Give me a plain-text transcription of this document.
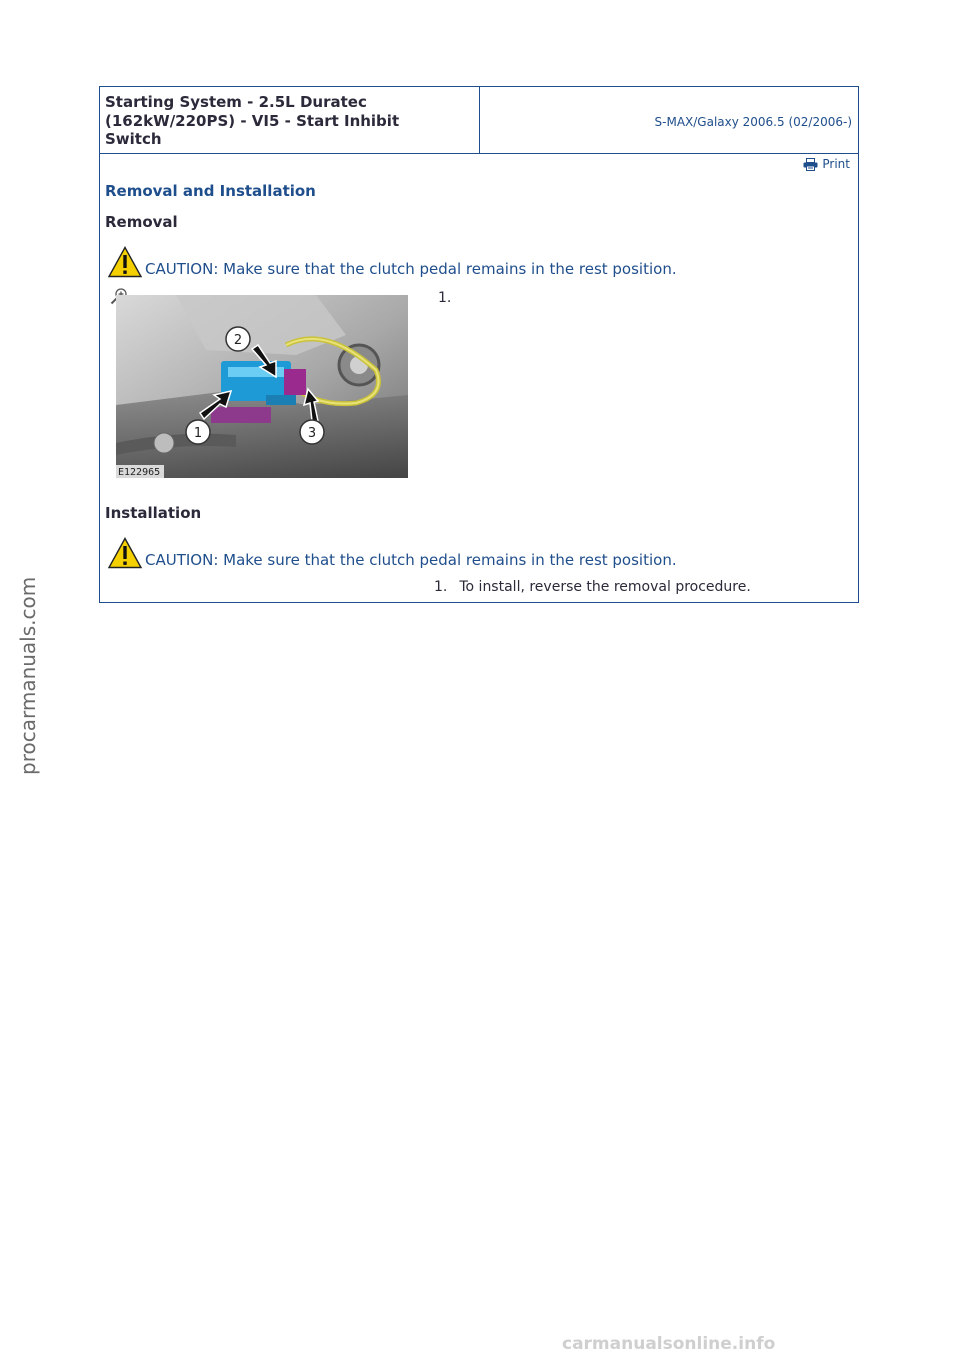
Starting System - 2.5L Duratec
(162kW/220PS) - VI5 - Start Inhibit
Switch
S-MAX/Galaxy 2006.5 (02/2006-)
Print
Removal and Installation
Removal
CAUTION: Make sure that the clutch pedal remains in the rest position.
1
2
3
E122965
1.
Installation
CAUTION: Make sure that the clutch pedal remains in the rest position.
1. To install, reverse the removal procedure.
procarmanuals.com
carmanualsonline.info
